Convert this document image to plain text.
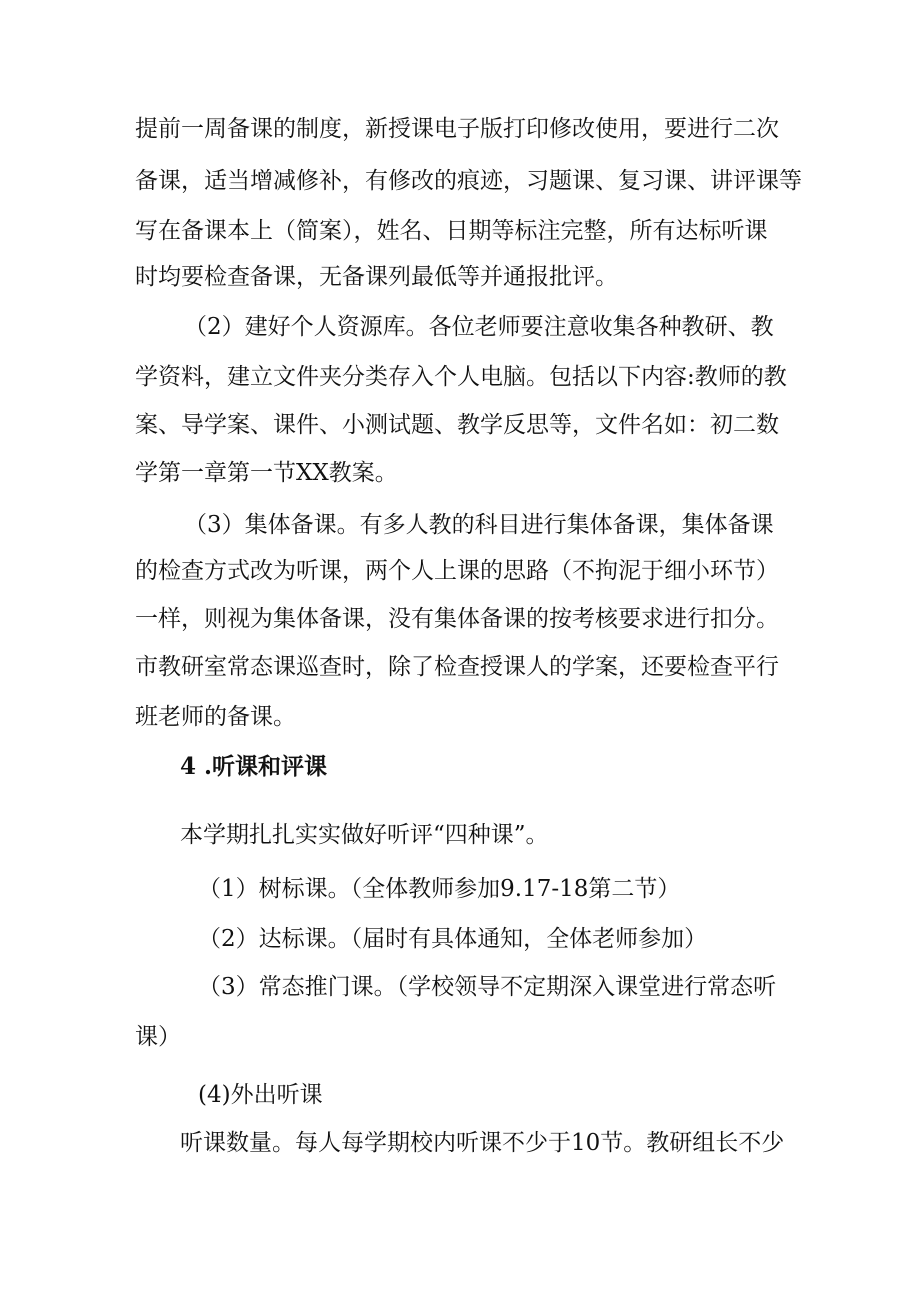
提前一周备课的制度，新授课电子版打印修改使用，要进行二次
备课，适当增减修补，有修改的痕迹，习题课、复习课、讲评课等
写在备课本上（简案），姓名、日期等标注完整，所有达标听课
时均要检查备课，无备课列最低等并通报批评。
（2）建好个人资源库。各位老师要注意收集各种教研、教
学资料，建立文件夹分类存入个人电脑。包括以下内容:教师的教
案、导学案、课件、小测试题、教学反思等，文件名如：初二数
学第一章第一节XX教案。
（3）集体备课。有多人教的科目进行集体备课，集体备课
的检查方式改为听课，两个人上课的思路（不拘泥于细小环节）
一样，则视为集体备课，没有集体备课的按考核要求进行扣分。
市教研室常态课巡查时，除了检查授课人的学案，还要检查平行
班老师的备课。
4 .听课和评课
本学期扎扎实实做好听评“四种课”。
（1）树标课。（全体教师参加9.17-18第二节）
（2）达标课。（届时有具体通知，全体老师参加）
（3）常态推门课。（学校领导不定期深入课堂进行常态听
课）
(4)外出听课
听课数量。每人每学期校内听课不少于10节。教研组长不少
